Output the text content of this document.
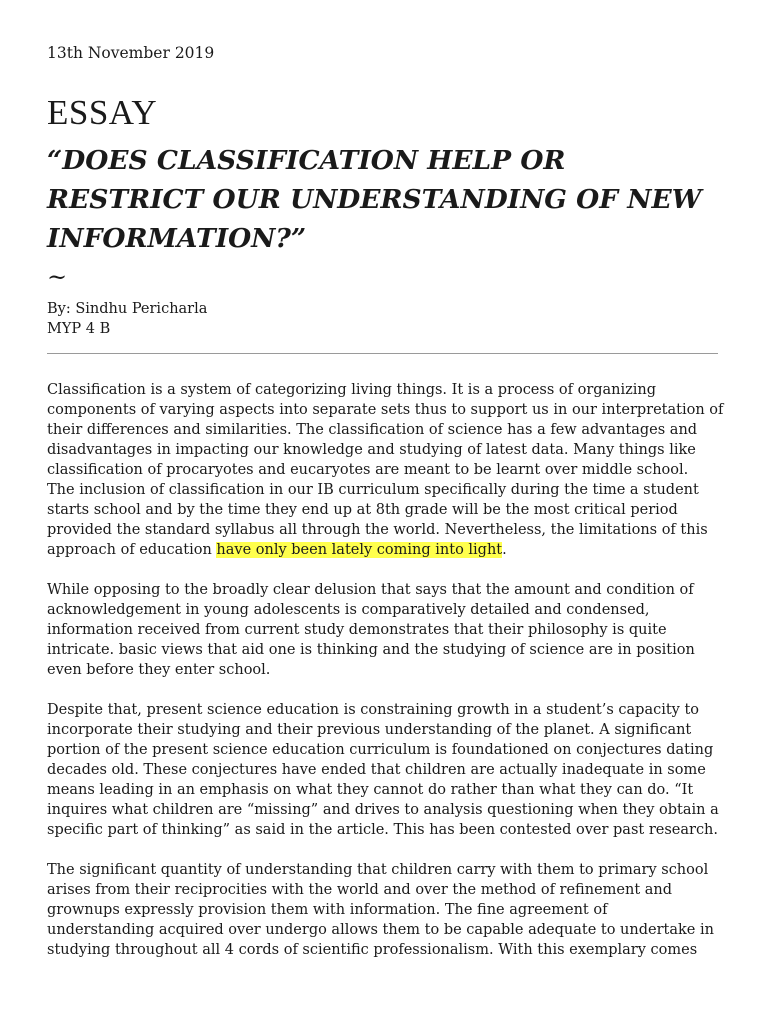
13th November 2019
ESSAY
“DOES CLASSIFICATION HELP OR
RESTRICT OUR UNDERSTANDING OF NEW
INFORMATION?”
~
By: Sindhu Pericharla
MYP 4 B

Classification is a system of categorizing living things. It is a process of organizing
components of varying aspects into separate sets thus to support us in our interpretation of
their differences and similarities. The classification of science has a few advantages and
disadvantages in impacting our knowledge and studying of latest data. Many things like
classification of procaryotes and eucaryotes are meant to be learnt over middle school.
The inclusion of classification in our IB curriculum specifically during the time a student
starts school and by the time they end up at 8th grade will be the most critical period
provided the standard syllabus all through the world. Nevertheless, the limitations of this
approach of education have only been lately coming into light.

While opposing to the broadly clear delusion that says that the amount and condition of
acknowledgement in young adolescents is comparatively detailed and condensed,
information received from current study demonstrates that their philosophy is quite
intricate. basic views that aid one is thinking and the studying of science are in position
even before they enter school.

Despite that, present science education is constraining growth in a student’s capacity to
incorporate their studying and their previous understanding of the planet. A significant
portion of the present science education curriculum is foundationed on conjectures dating
decades old. These conjectures have ended that children are actually inadequate in some
means leading in an emphasis on what they cannot do rather than what they can do. “It
inquires what children are “missing” and drives to analysis questioning when they obtain a
specific part of thinking” as said in the article. This has been contested over past research.

The significant quantity of understanding that children carry with them to primary school
arises from their reciprocities with the world and over the method of refinement and
grownups expressly provision them with information. The fine agreement of
understanding acquired over undergo allows them to be capable adequate to undertake in
studying throughout all 4 cords of scientific professionalism. With this exemplary comes
